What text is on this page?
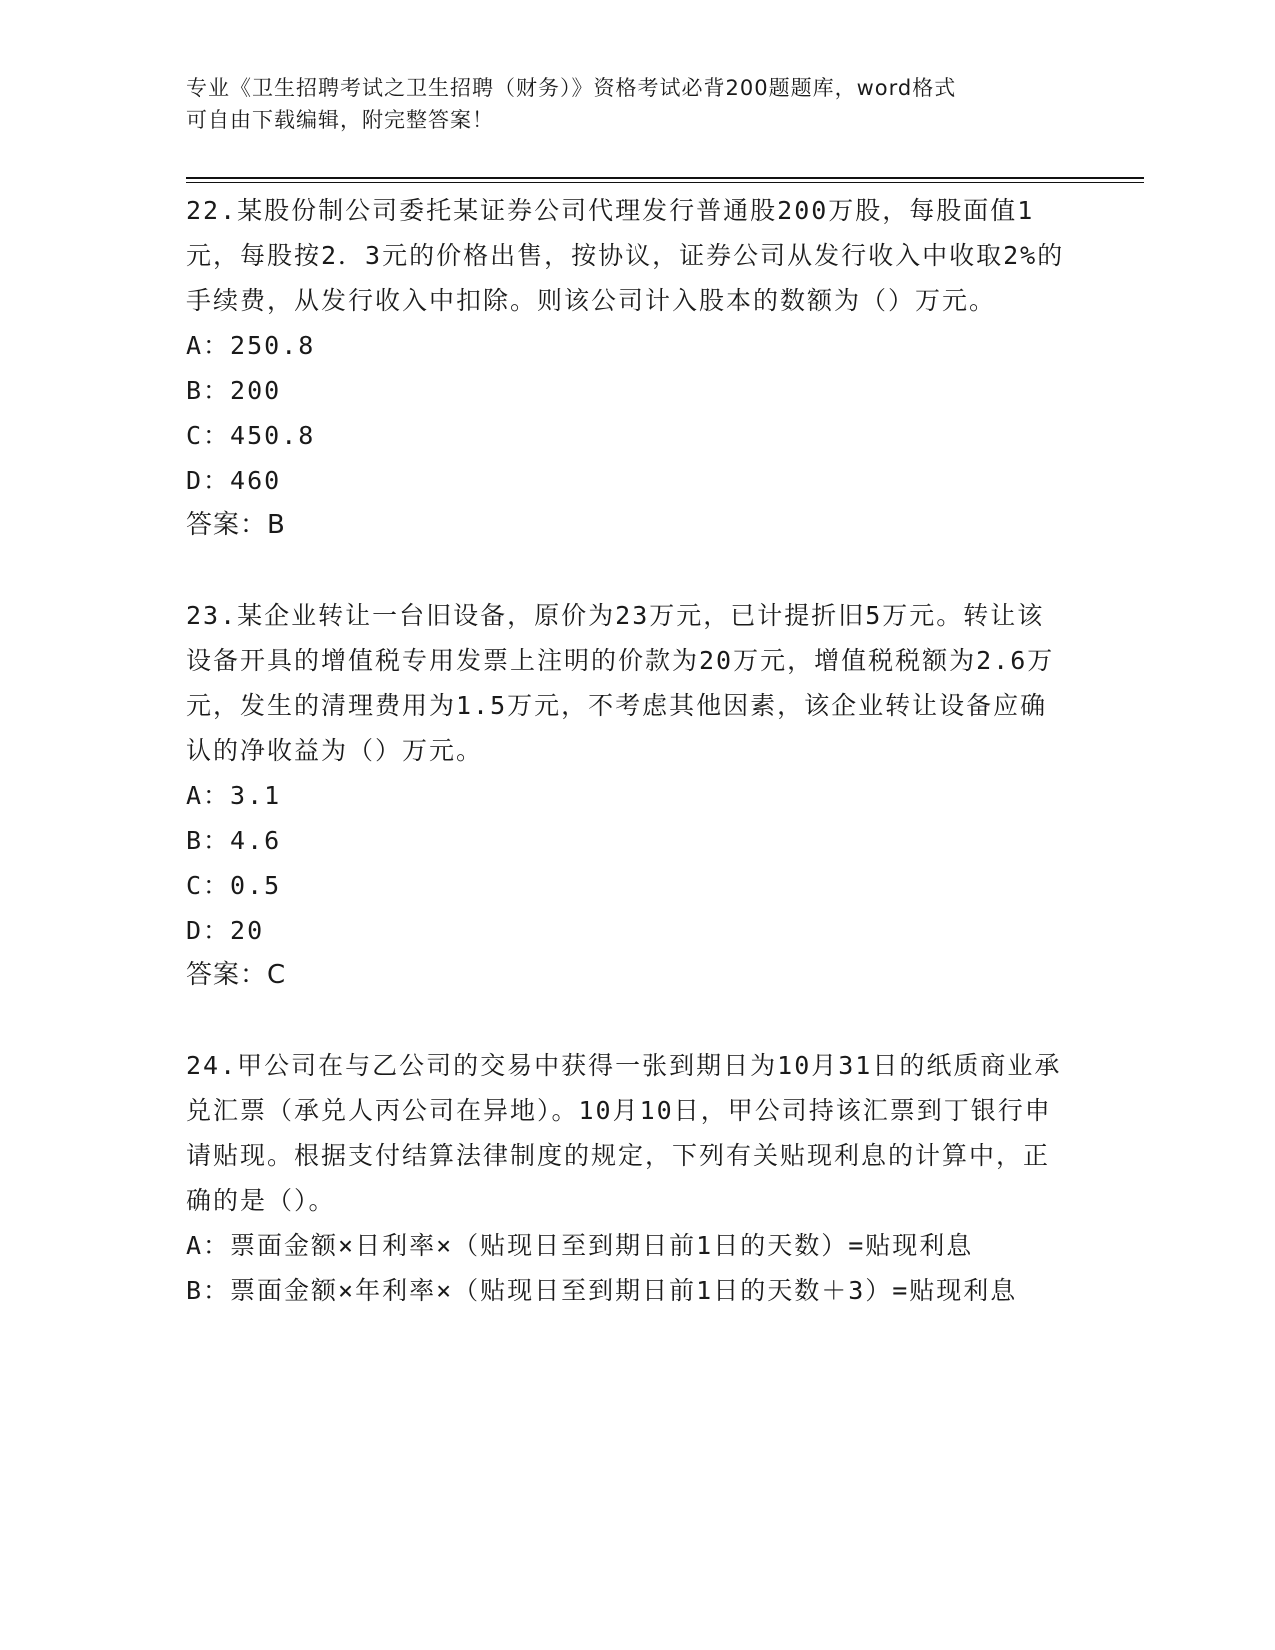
专业《卫生招聘考试之卫生招聘（财务）》资格考试必背200题题库，word格式
可自由下载编辑，附完整答案！

22.某股份制公司委托某证券公司代理发行普通股200万股，每股面值1元，每股按2．3元的价格出售，按协议，证券公司从发行收入中收取2%的手续费，从发行收入中扣除。则该公司计入股本的数额为（）万元。

A：250.8
B：200
C：450.8
D：460
答案：B

23.某企业转让一台旧设备，原价为23万元，已计提折旧5万元。转让该设备开具的增值税专用发票上注明的价款为20万元，增值税税额为2.6万元，发生的清理费用为1.5万元，不考虑其他因素，该企业转让设备应确认的净收益为（）万元。

A：3.1
B：4.6
C：0.5
D：20
答案：C

24.甲公司在与乙公司的交易中获得一张到期日为10月31日的纸质商业承兑汇票（承兑人丙公司在异地）。10月10日，甲公司持该汇票到丁银行申请贴现。根据支付结算法律制度的规定，下列有关贴现利息的计算中，正确的是（）。

A：票面金额×日利率×（贴现日至到期日前1日的天数）=贴现利息
B：票面金额×年利率×（贴现日至到期日前1日的天数＋3）=贴现利息
